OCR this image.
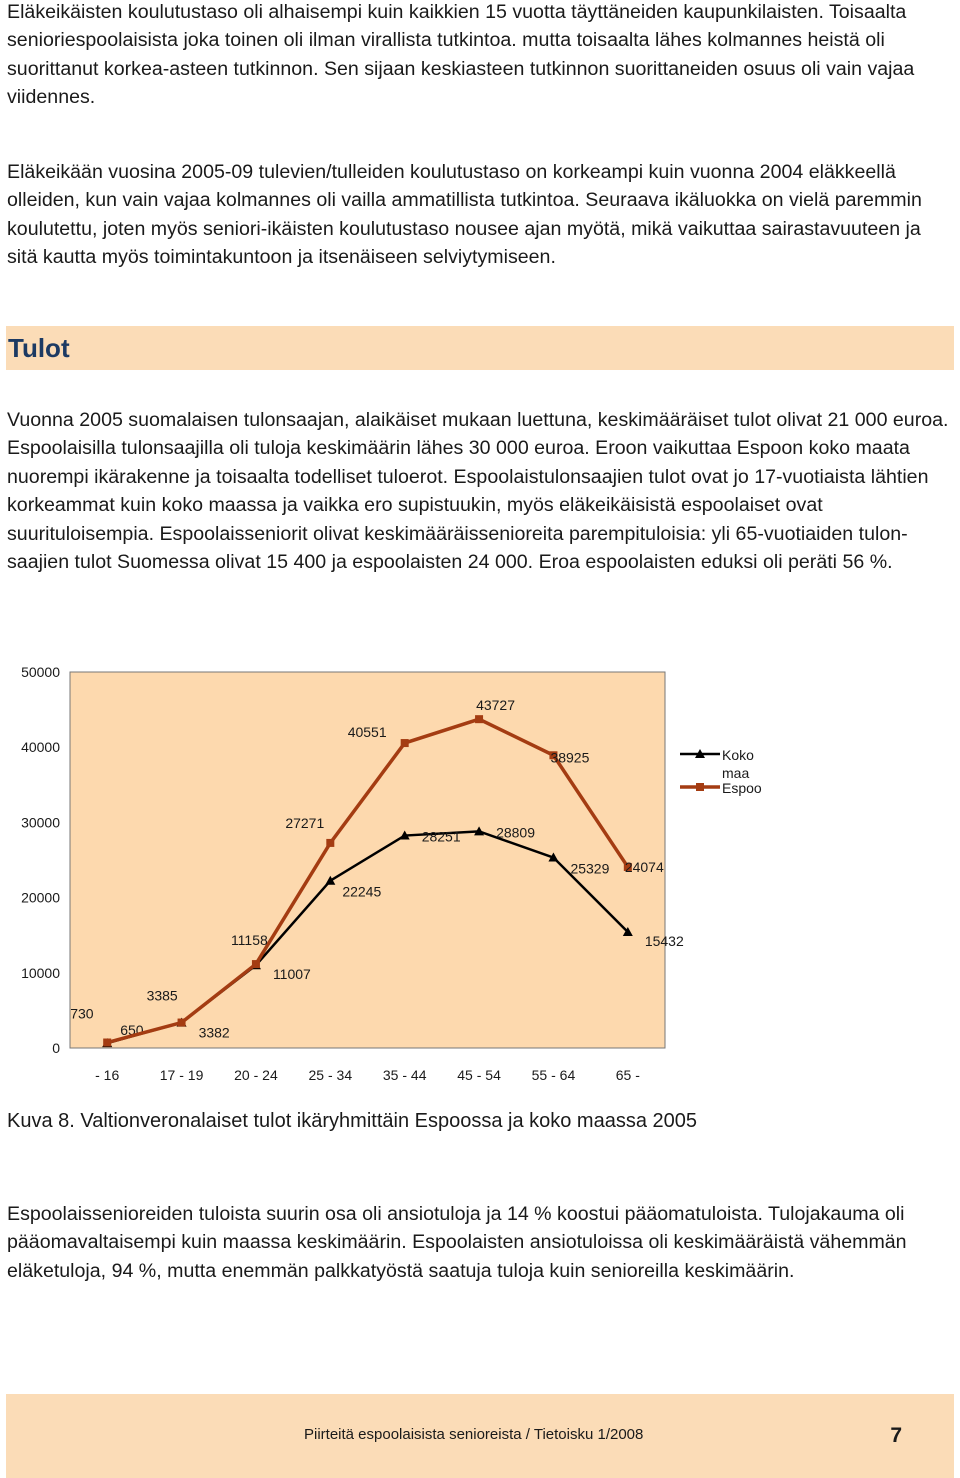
Eläkeikäisten koulutustaso oli alhaisempi kuin kaikkien 15 vuotta täyttäneiden kaupunkilaisten. Toisaalta senioriespoolaisista joka toinen oli ilman virallista tutkintoa. mutta toisaalta lähes kolmannes heistä oli suorittanut korkea-asteen tutkinnon. Sen sijaan keskiasteen tutkinnon suorittaneiden osuus oli vain vajaa viidennes.

Eläkeikään vuosina 2005-09 tulevien/tulleiden koulutustaso on korkeampi kuin vuonna 2004 eläkkeellä olleiden, kun vain vajaa kolmannes oli vailla ammatillista tutkintoa. Seuraava ikäluokka on vielä paremmin koulutettu, joten myös seniori-ikäisten koulutustaso nousee ajan myötä, mikä vaikuttaa sairastavuuteen ja sitä kautta myös toimintakuntoon ja itsenäiseen selviytymiseen.

Tulot

Vuonna 2005 suomalaisen tulonsaajan, alaikäiset mukaan luettuna, keskimääräiset tulot olivat 21 000 euroa. Espoolaisilla tulonsaajilla oli tuloja keskimäärin lähes 30 000 euroa. Eroon vaikuttaa Espoon koko maata nuorempi ikärakenne ja toisaalta todelliset tuloerot. Espoolaistulonsaajien tulot ovat jo 17-vuotiaista lähtien korkeammat kuin koko maassa ja vaikka ero supistuukin, myös eläkeikäisistä espoolaiset ovat suurituloisempia. Espoolaisseniorit olivat keskimääräissenioreita parempituloisia: yli 65-vuotiaiden tulonsaajien tulot Suomessa olivat 15 400 ja espoolaisten 24 000. Eroa espoolaisten eduksi oli peräti 56 %.

0
10000
20000
30000
40000
50000
- 16	17 - 19 20 - 24 25 - 34 35 - 44 45 - 54 55 - 64	65 -
650	3382
11007
22245
28251	28809
25329
15432
730
3385
11158
27271
40551
43727
38925
24074
Koko maa
Espoo
Kuva 8. Valtionveronalaiset tulot ikäryhmittäin Espoossa ja koko maassa 2005

Espoolaissenioreiden tuloista suurin osa oli ansiotuloja ja 14 % koostui pääomatuloista. Tulojakauma oli pääomavaltaisempi kuin maassa keskimäärin. Espoolaisten ansiotuloissa oli keskimääräistä vähemmän eläketuloja, 94 %, mutta enemmän palkkatyöstä saatuja tuloja kuin senioreilla keskimäärin.

Piirteitä espoolaisista senioreista / Tietoisku 1/2008	7
